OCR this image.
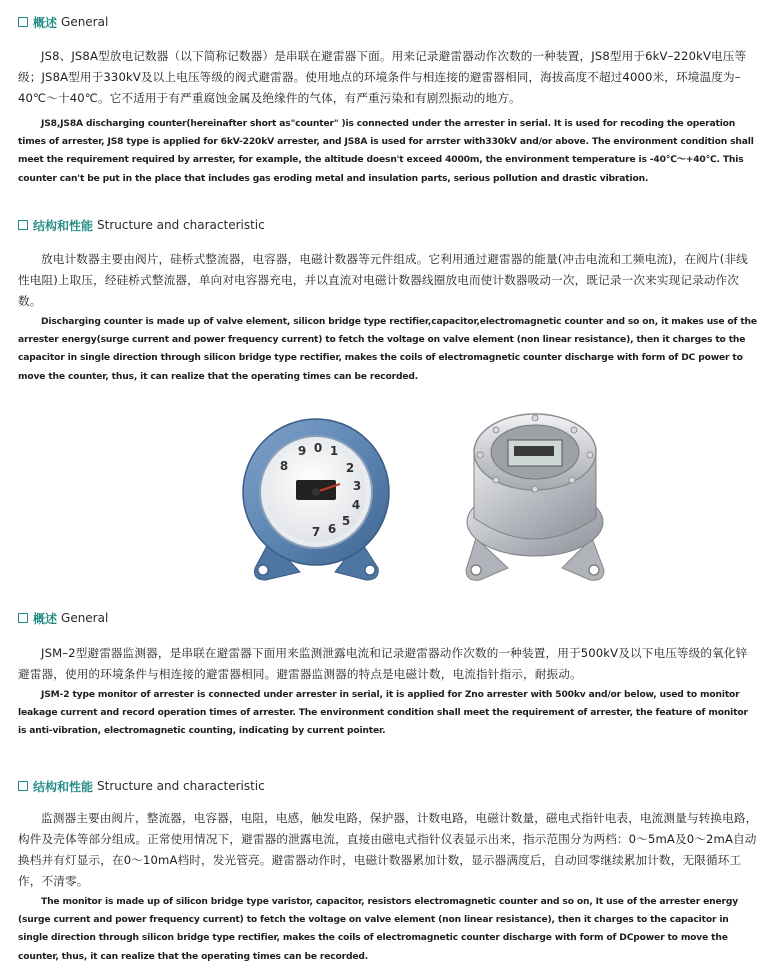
概述 General

JS8、JS8A型放电记数器（以下简称记数器）是串联在避雷器下面。用来记录避雷器动作次数的一种装置，JS8型用于6kV–220kV电压等级；JS8A型用于330kV及以上电压等级的阀式避雷器。使用地点的环境条件与相连接的避雷器相同，海拔高度不超过4000米，环境温度为–40℃～十40℃。它不适用于有严重腐蚀金属及绝缘件的气体，有严重污染和有剧烈振动的地方。

JS8,JS8A discharging counter(hereinafter short as"counter" )is connected under the arrester in serial. It is used for recoding the operation times of arrester, JS8 type is applied for 6kV-220kV arrester, and JS8A is used for arrster with330kV and/or above. The environment condition shall meet the requirement required by arrester, for example, the altitude doesn't exceed 4000m, the environment temperature is -40℃～+40℃. This counter can't be put in the place that includes gas eroding metal and insulation parts, serious pollution and drastic vibration.

结构和性能 Structure and characteristic

放电计数器主要由阀片，硅桥式整流器，电容器，电磁计数器等元件组成。它利用通过避雷器的能量(冲击电流和工频电流)，在阀片(非线性电阻)上取压，经硅桥式整流器，单向对电容器充电，并以直流对电磁计数器线圈放电而使计数器吸动一次，既记录一次来实现记录动作次数。

Discharging counter is made up of valve element, silicon bridge type rectifier,capacitor,electromagnetic counter and so on, it makes use of the arrester energy(surge current and power frequency current) to fetch the voltage on valve element (non linear resistance), then it charges to the capacitor in single direction through silicon bridge type rectifier, makes the coils of electromagnetic counter discharge with form of DC power to move the counter, thus, it can realize that the operating times can be recorded.

9 0 1
2
3
4
5
6
7
8
概述 General

JSM–2型避雷器监测器，是串联在避雷器下面用来监测泄露电流和记录避雷器动作次数的一种装置，用于500kV及以下电压等级的氧化锌避雷器，使用的环境条件与相连接的避雷器相同。避雷器监测器的特点是电磁计数，电流指针指示，耐振动。

JSM-2 type monitor of arrester is connected under arrester in serial, it is applied for Zno arrester with 500kv and/or below, used to monitor leakage current and record operation times of arrester. The environment condition shall meet the requirement of arrester, the feature of monitor is anti-vibration, electromagnetic counting, indicating by current pointer.

结构和性能 Structure and characteristic

监测器主要由阀片，整流器，电容器，电阻，电感，触发电路，保护器，计数电路，电磁计数量，磁电式指针电表，电流测量与转换电路，构件及壳体等部分组成。正常使用情况下，避雷器的泄露电流，直接由磁电式指针仪表显示出来，指示范围分为两档：0～5mA及0～2mA自动换档并有灯显示，在0～10mA档时，发光管亮。避雷器动作时，电磁计数器累加计数，显示器满度后，自动回零继续累加计数，无限循环工作，不清零。

The monitor is made up of silicon bridge type varistor, capacitor, resistors electromagnetic counter and so on, It use of the arrester energy (surge current and power frequency current) to fetch the voltage on valve element (non linear resistance), then it charges to the capacitor in single direction through silicon bridge type rectifier, makes the coils of electromagnetic counter discharge with form of DCpower to move the counter, thus, it can realize that the operating times can be recorded.
